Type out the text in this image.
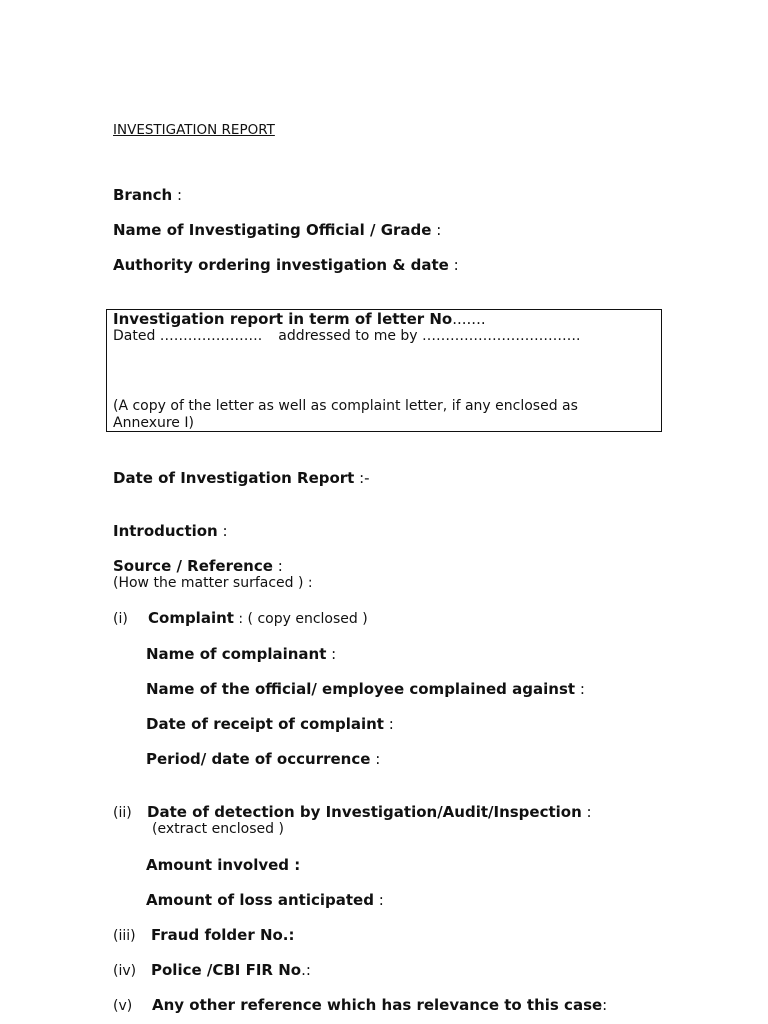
INVESTIGATION REPORT
Branch :
Name of Investigating Official / Grade :
Authority ordering investigation & date :
Investigation report in term of letter No.......
Dated …………………. addressed to me by …………………………….
(A copy of the letter as well as complaint letter, if any enclosed as
Annexure I)
Date of Investigation Report :-
Introduction :
Source / Reference :
(How the matter surfaced ) :
(i) Complaint : ( copy enclosed )
Name of complainant :
Name of the official/ employee complained against :
Date of receipt of complaint :
Period/ date of occurrence :
(ii) Date of detection by Investigation/Audit/Inspection :
(extract enclosed )
Amount involved :
Amount of loss anticipated :
(iii) Fraud folder No.:
(iv) Police /CBI FIR No.:
(v) Any other reference which has relevance to this case:
